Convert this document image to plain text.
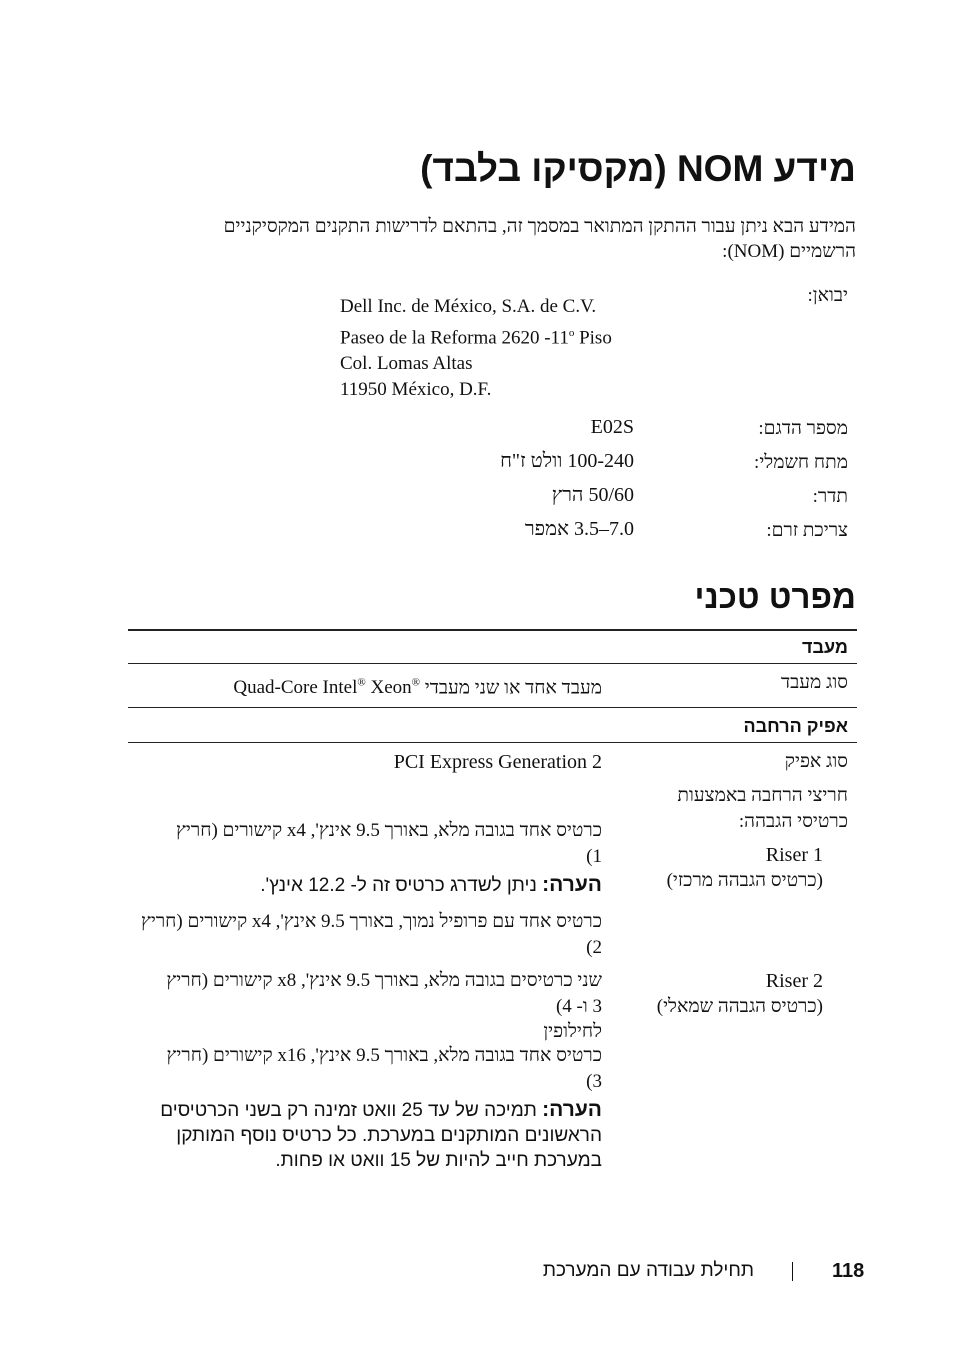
מידע NOM (מקסיקו בלבד)
המידע הבא ניתן עבור ההתקן המתואר במסמך זה, בהתאם לדרישות התקנים המקסיקניים הרשמיים (NOM):
יבואן:
Dell Inc. de México, S.A. de C.V.
Paseo de la Reforma 2620 -11$^o$ Piso
Col. Lomas Altas
11950 México, D.F.
מספר הדגם:
E02S
מתח חשמלי:
100-240 וולט ז"ח
תדר:
50/60 הרץ
צריכת זרם:
7.0–3.5 אמפר
מפרט טכני
מעבד
סוג מעבד
מעבד אחד או שני מעבדי Quad-Core Intel® Xeon®
אפיק הרחבה
סוג אפיק
PCI Express Generation 2
חריצי הרחבה באמצעות כרטיסי הגבהה:
Riser 1
(כרטיס הגבהה מרכזי)
כרטיס אחד בגובה מלא, באורך 9.5 אינץ', x4 קישורים (חריץ 1)
הערה: ניתן לשדרג כרטיס זה ל- 12.2 אינץ'.
כרטיס אחד עם פרופיל נמוך, באורך 9.5 אינץ', x4 קישורים (חריץ 2)
Riser 2
(כרטיס הגבהה שמאלי)
שני כרטיסים בגובה מלא, באורך 9.5 אינץ', x8 קישורים (חריץ 3 ו- 4)
לחילופין
כרטיס אחד בגובה מלא, באורך 9.5 אינץ', x16 קישורים (חריץ 3)
הערה: תמיכה של עד 25 וואט זמינה רק בשני הכרטיסים הראשונים המותקנים במערכת. כל כרטיס נוסף המותקן במערכת חייב להיות של 15 וואט או פחות.
118
תחילת עבודה עם המערכת
